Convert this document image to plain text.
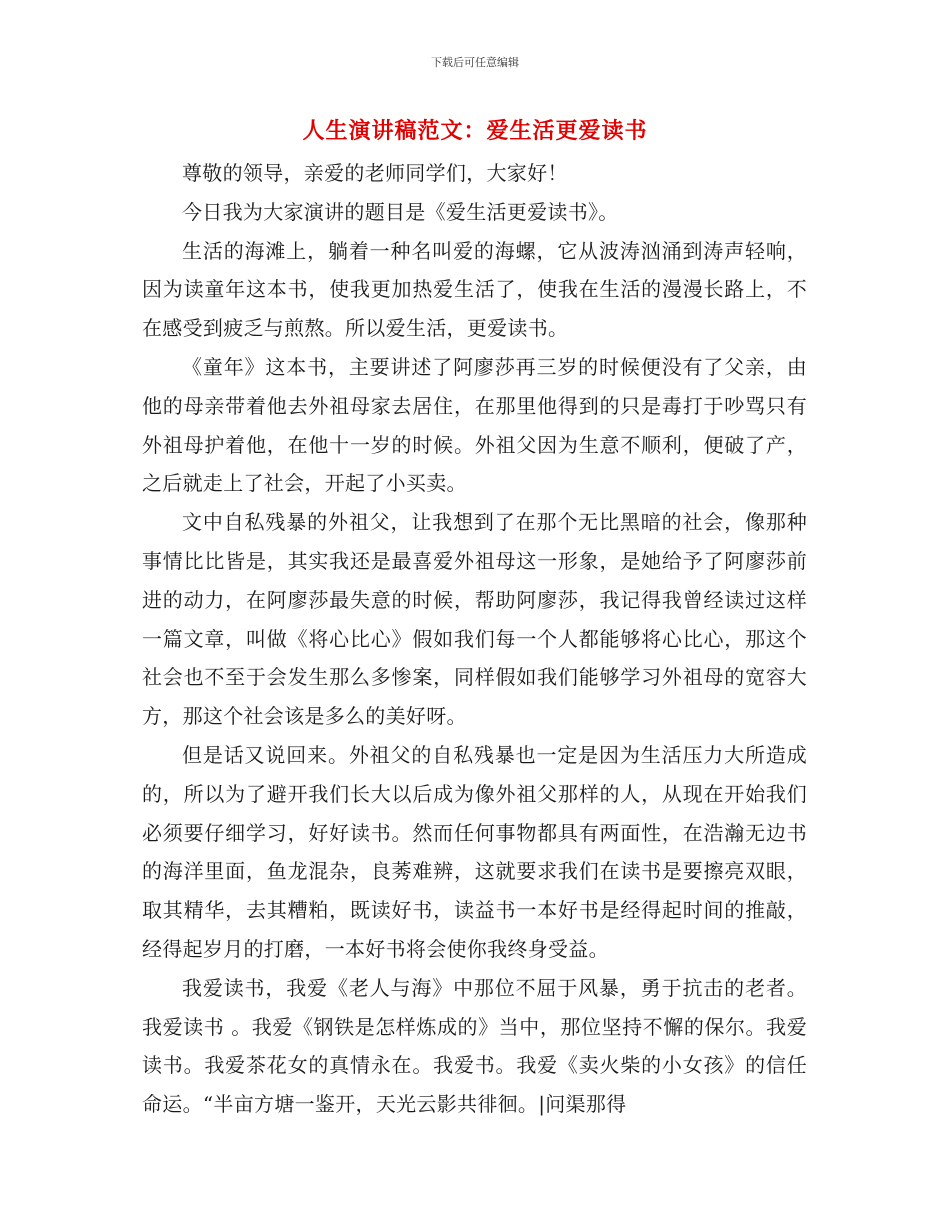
下载后可任意编辑
人生演讲稿范文：爱生活更爱读书

尊敬的领导，亲爱的老师同学们，大家好！

今日我为大家演讲的题目是《爱生活更爱读书》。

生活的海滩上，躺着一种名叫爱的海螺，它从波涛汹涌到涛声轻响，因为读童年这本书，使我更加热爱生活了，使我在生活的漫漫长路上，不在感受到疲乏与煎熬。所以爱生活，更爱读书。

《童年》这本书，主要讲述了阿廖莎再三岁的时候便没有了父亲，由他的母亲带着他去外祖母家去居住，在那里他得到的只是毒打于吵骂只有外祖母护着他，在他十一岁的时候。外祖父因为生意不顺利，便破了产，之后就走上了社会，开起了小买卖。

文中自私残暴的外祖父，让我想到了在那个无比黑暗的社会，像那种事情比比皆是，其实我还是最喜爱外祖母这一形象，是她给予了阿廖莎前进的动力，在阿廖莎最失意的时候，帮助阿廖莎，我记得我曾经读过这样一篇文章，叫做《将心比心》假如我们每一个人都能够将心比心，那这个社会也不至于会发生那么多惨案，同样假如我们能够学习外祖母的宽容大方，那这个社会该是多么的美好呀。

但是话又说回来。外祖父的自私残暴也一定是因为生活压力大所造成的，所以为了避开我们长大以后成为像外祖父那样的人，从现在开始我们必须要仔细学习，好好读书。然而任何事物都具有两面性，在浩瀚无边书的海洋里面，鱼龙混杂，良莠难辨，这就要求我们在读书是要擦亮双眼，取其精华，去其糟粕，既读好书，读益书一本好书是经得起时间的推敲，经得起岁月的打磨，一本好书将会使你我终身受益。

我爱读书，我爱《老人与海》中那位不屈于风暴，勇于抗击的老者。我爱读书 。我爱《钢铁是怎样炼成的》当中，那位坚持不懈的保尔。我爱读书。我爱茶花女的真情永在。我爱书。我爱《卖火柴的小女孩》的信任命运。“半亩方塘一鉴开，天光云影共徘徊。|问渠那得
